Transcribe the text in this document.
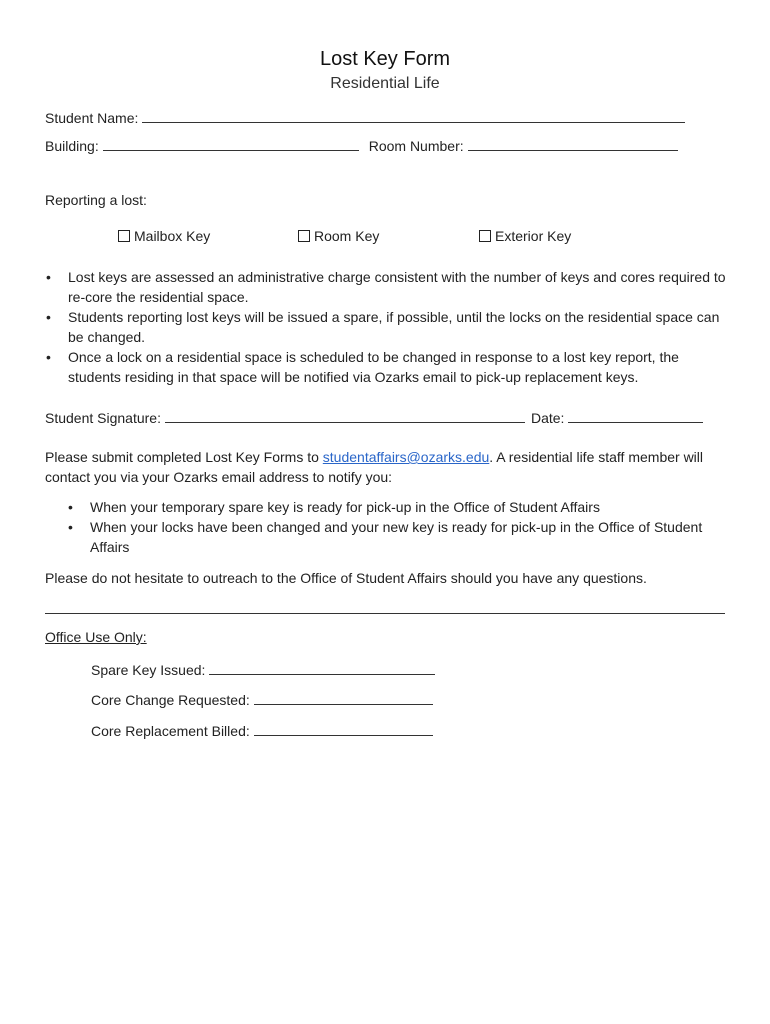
Lost Key Form
Residential Life
Student Name:
Building:	Room Number:
Reporting a lost:
Mailbox Key	Room Key	Exterior Key
• Lost keys are assessed an administrative charge consistent with the number of keys and cores required to re-core the residential space.
• Students reporting lost keys will be issued a spare, if possible, until the locks on the residential space can be changed.
• Once a lock on a residential space is scheduled to be changed in response to a lost key report, the students residing in that space will be notified via Ozarks email to pick-up replacement keys.
Student Signature:	Date:
Please submit completed Lost Key Forms to studentaffairs@ozarks.edu. A residential life staff member will contact you via your Ozarks email address to notify you:
• When your temporary spare key is ready for pick-up in the Office of Student Affairs
• When your locks have been changed and your new key is ready for pick-up in the Office of Student Affairs
Please do not hesitate to outreach to the Office of Student Affairs should you have any questions.
Office Use Only:
Spare Key Issued:
Core Change Requested:
Core Replacement Billed:
